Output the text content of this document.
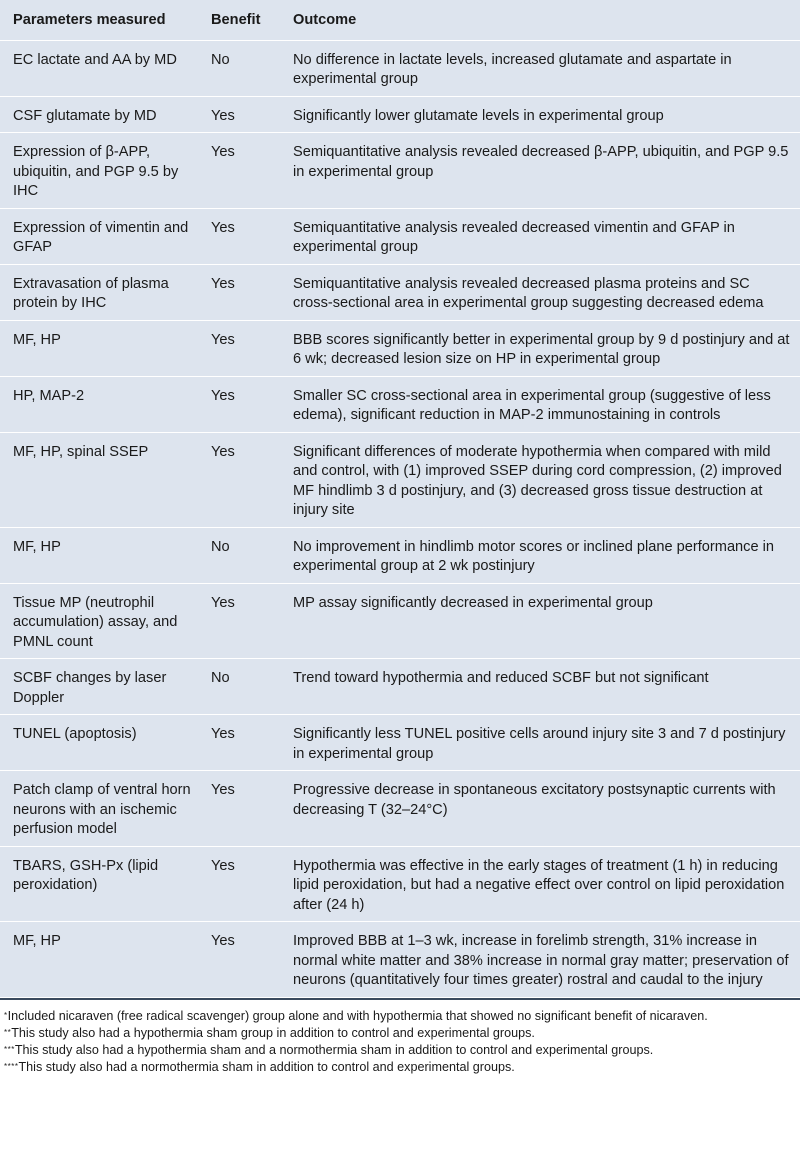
Parameters measured	Benefit	Outcome
EC lactate and AA by MD	No	No difference in lactate levels, increased glutamate and aspartate in experimental group
CSF glutamate by MD	Yes	Significantly lower glutamate levels in experimental group
Expression of β-APP, ubiquitin, and PGP 9.5 by IHC	Yes	Semiquantitative analysis revealed decreased β-APP, ubiquitin, and PGP 9.5 in experimental group
Expression of vimentin and GFAP	Yes	Semiquantitative analysis revealed decreased vimentin and GFAP in experimental group
Extravasation of plasma protein by IHC	Yes	Semiquantitative analysis revealed decreased plasma proteins and SC cross-sectional area in experimental group suggesting decreased edema
MF, HP	Yes	BBB scores significantly better in experimental group by 9 d postinjury and at 6 wk; decreased lesion size on HP in experimental group
HP, MAP-2	Yes	Smaller SC cross-sectional area in experimental group (suggestive of less edema), significant reduction in MAP-2 immunostaining in controls
MF, HP, spinal SSEP	Yes	Significant differences of moderate hypothermia when compared with mild and control, with (1) improved SSEP during cord compression, (2) improved MF hindlimb 3 d postinjury, and (3) decreased gross tissue destruction at injury site
MF, HP	No	No improvement in hindlimb motor scores or inclined plane performance in experimental group at 2 wk postinjury
Tissue MP (neutrophil accumulation) assay, and PMNL count	Yes	MP assay significantly decreased in experimental group
SCBF changes by laser Doppler	No	Trend toward hypothermia and reduced SCBF but not significant
TUNEL (apoptosis)	Yes	Significantly less TUNEL positive cells around injury site 3 and 7 d postinjury in experimental group
Patch clamp of ventral horn neurons with an ischemic perfusion model	Yes	Progressive decrease in spontaneous excitatory postsynaptic currents with decreasing T (32–24°C)
TBARS, GSH-Px (lipid peroxidation)	Yes	Hypothermia was effective in the early stages of treatment (1 h) in reducing lipid peroxidation, but had a negative effect over control on lipid peroxidation after (24 h)
MF, HP	Yes	Improved BBB at 1–3 wk, increase in forelimb strength, 31% increase in normal white matter and 38% increase in normal gray matter; preservation of neurons (quantitatively four times greater) rostral and caudal to the injury
*Included nicaraven (free radical scavenger) group alone and with hypothermia that showed no significant benefit of nicaraven.
**This study also had a hypothermia sham group in addition to control and experimental groups.
***This study also had a hypothermia sham and a normothermia sham in addition to control and experimental groups.
****This study also had a normothermia sham in addition to control and experimental groups.
